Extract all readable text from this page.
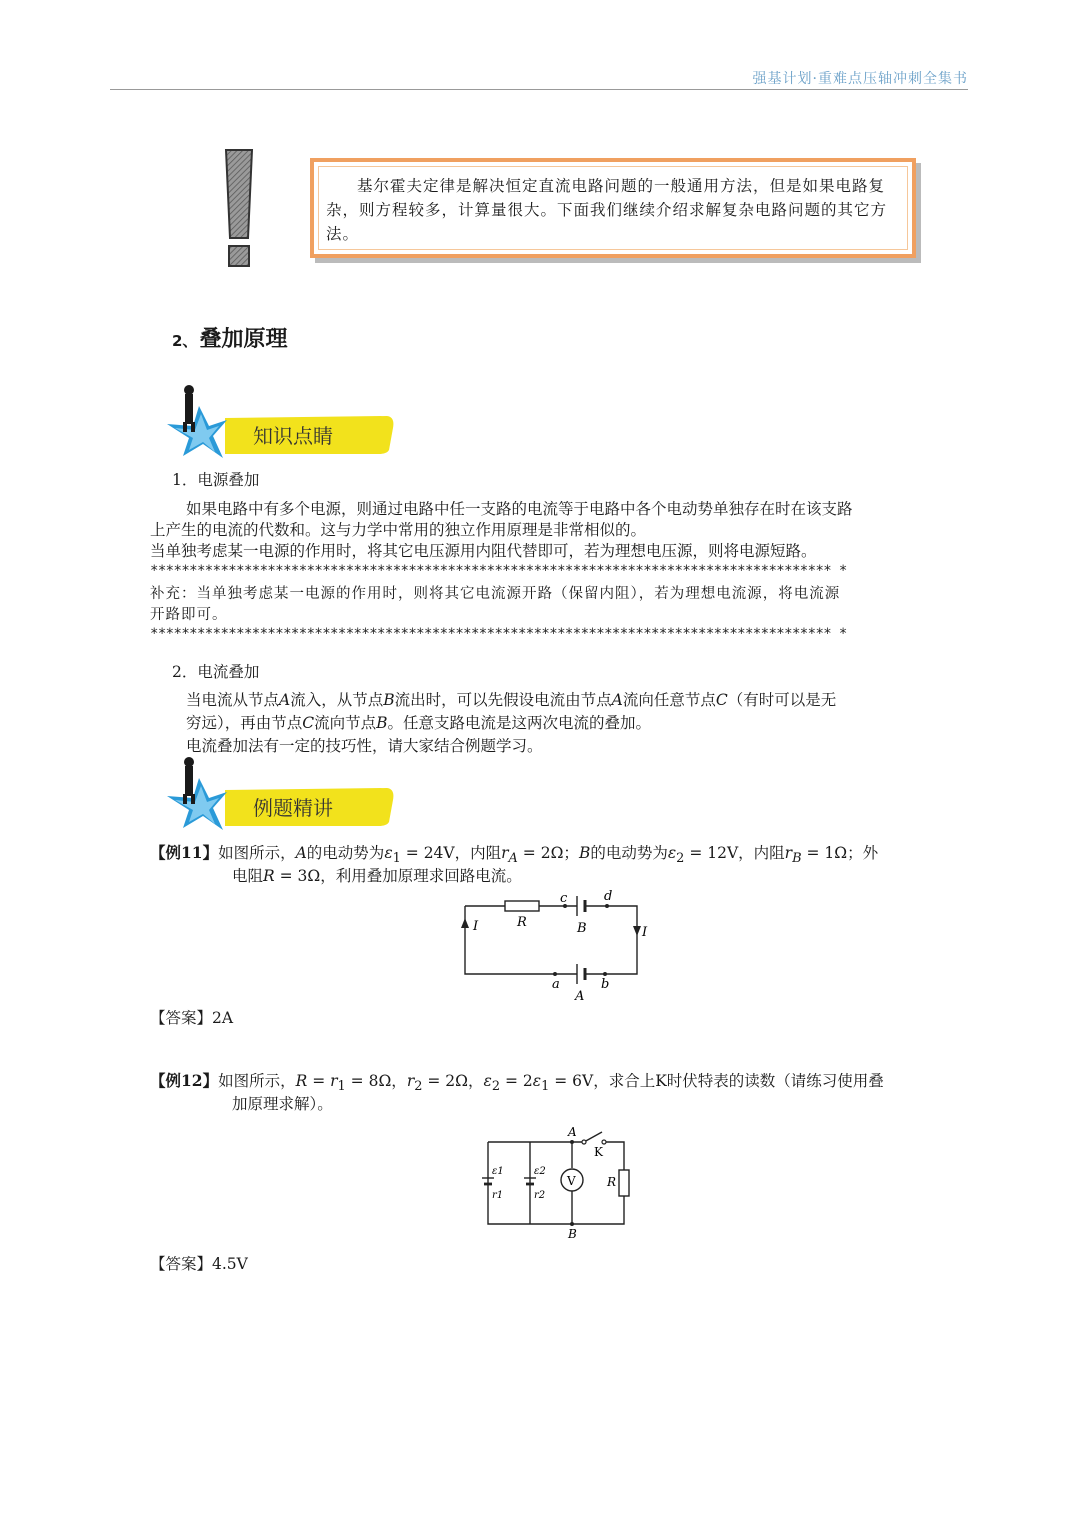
强基计划·重难点压轴冲刺全集书
基尔霍夫定律是解决恒定直流电路问题的一般通用方法，但是如果电路复杂，则方程较多，计算量很大。下面我们继续介绍求解复杂电路问题的其它方法。
2、叠加原理
知识点睛
1．电源叠加
如果电路中有多个电源，则通过电路中任一支路的电流等于电路中各个电动势单独存在时在该支路
上产生的电流的代数和。这与力学中常用的独立作用原理是非常相似的。
当单独考虑某一电源的作用时，将其它电压源用内阻代替即可，若为理想电压源，则将电源短路。
*************************************************************************************** *
补充：当单独考虑某一电源的作用时，则将其它电流源开路（保留内阻），若为理想电流源，将电流源
开路即可。
*************************************************************************************** *
2．电流叠加
当电流从节点A流入，从节点B流出时，可以先假设电流由节点A流向任意节点C（有时可以是无
穷远），再由节点C流向节点B。任意支路电流是这两次电流的叠加。
电流叠加法有一定的技巧性，请大家结合例题学习。
例题精讲
【例11】如图所示，A的电动势为$\varepsilon_1 = 24V$，内阻$r_A = 2\Omega$；B的电动势为$\varepsilon_2 = 12V$，内阻$r_B = 1\Omega$；外
电阻R = 3Ω，利用叠加原理求回路电流。
I	R
c	d
B	I
a	b
A
【答案】2A
【例12】如图所示，$R = r_1 = 8\Omega$，$r_2 = 2\Omega$，$\varepsilon_2 = 2\varepsilon_1 = 6V$，求合上K时伏特表的读数（请练习使用叠
加原理求解）。
A
K
ε1
r1
ε2
r2
V	R
B
【答案】4.5V
